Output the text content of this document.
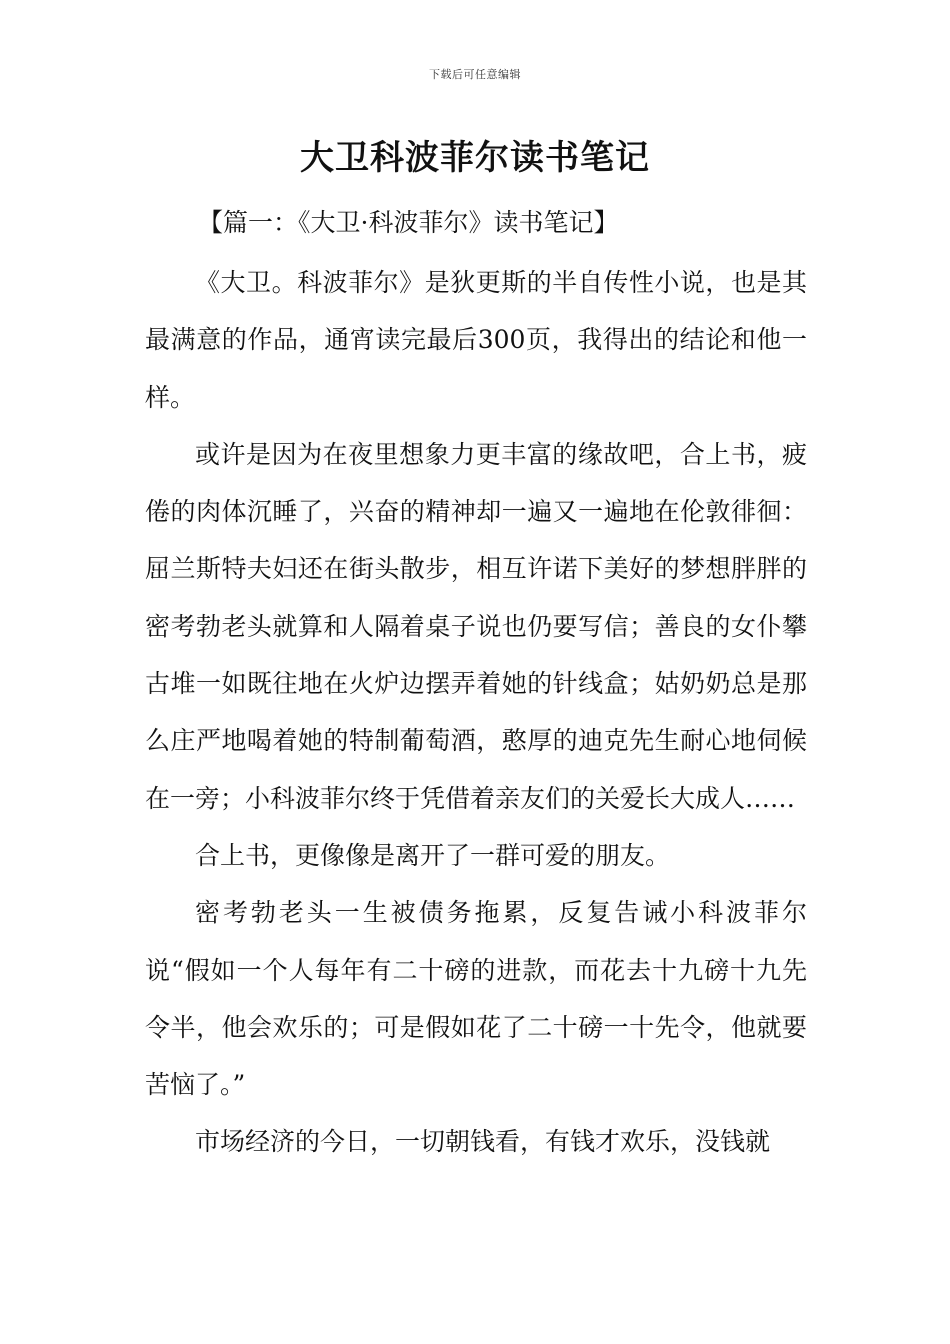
下载后可任意编辑
大卫科波菲尔读书笔记
【篇一：《大卫·科波菲尔》读书笔记】

《大卫。科波菲尔》是狄更斯的半自传性小说，也是其最满意的作品，通宵读完最后300页，我得出的结论和他一样。

或许是因为在夜里想象力更丰富的缘故吧，合上书，疲倦的肉体沉睡了，兴奋的精神却一遍又一遍地在伦敦徘徊：屈兰斯特夫妇还在街头散步，相互许诺下美好的梦想胖胖的密考勃老头就算和人隔着桌子说也仍要写信；善良的女仆攀古堆一如既往地在火炉边摆弄着她的针线盒；姑奶奶总是那么庄严地喝着她的特制葡萄酒，憨厚的迪克先生耐心地伺候在一旁；小科波菲尔终于凭借着亲友们的关爱长大成人……

合上书，更像像是离开了一群可爱的朋友。

密考勃老头一生被债务拖累，反复告诫小科波菲尔说“假如一个人每年有二十磅的进款，而花去十九磅十九先令半，他会欢乐的；可是假如花了二十磅一十先令，他就要苦恼了。”

市场经济的今日，一切朝钱看，有钱才欢乐，没钱就
